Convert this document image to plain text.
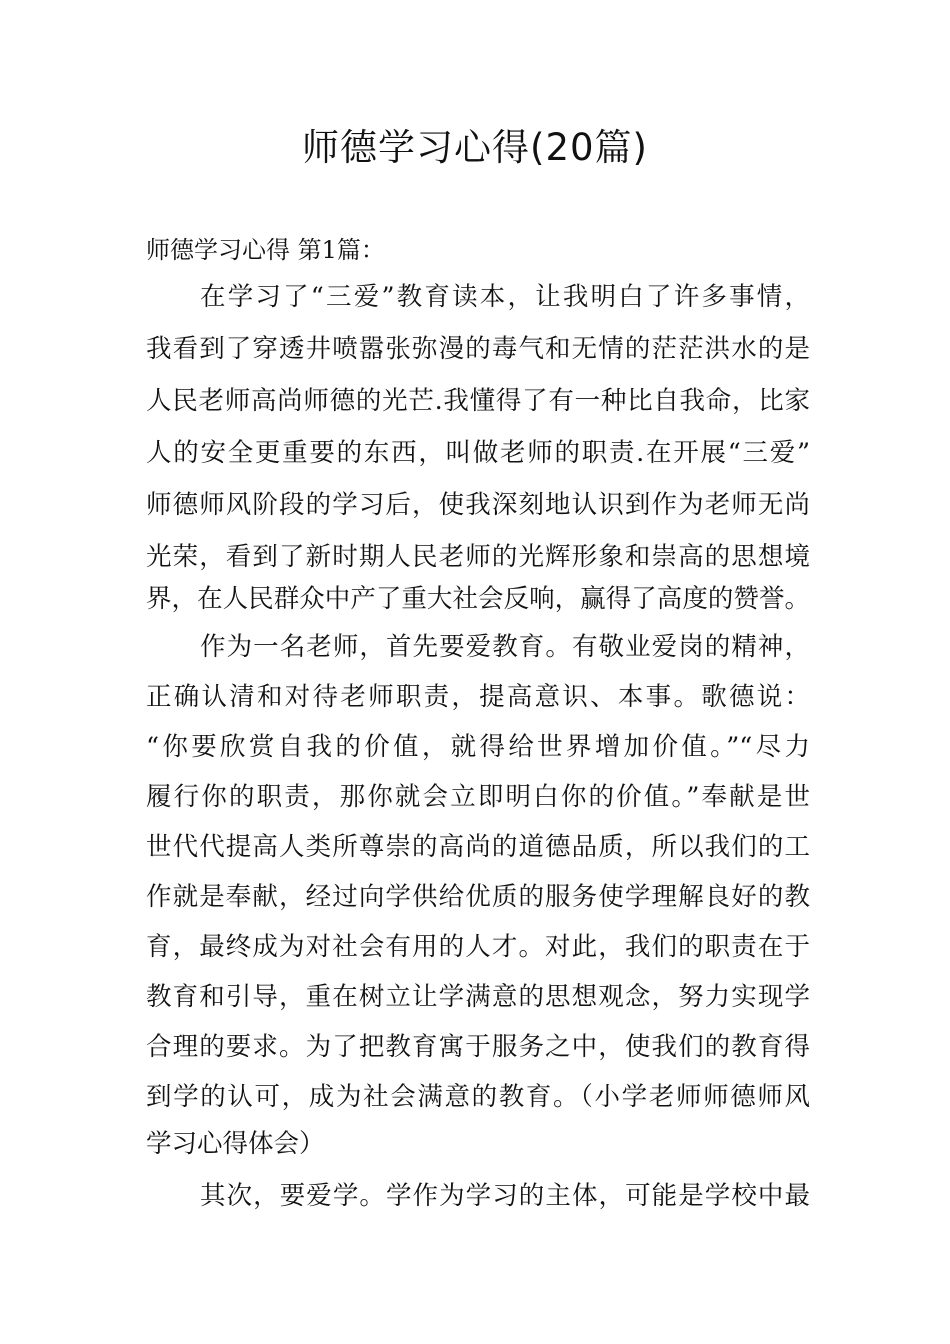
师德学习心得(20篇)

师德学习心得 第1篇：

在学习了“三爱”教育读本，让我明白了许多事情，

我看到了穿透井喷嚣张弥漫的毒气和无情的茫茫洪水的是

人民老师高尚师德的光芒.我懂得了有一种比自我命，比家

人的安全更重要的东西，叫做老师的职责.在开展“三爱”

师德师风阶段的学习后，使我深刻地认识到作为老师无尚

光荣，看到了新时期人民老师的光辉形象和崇高的思想境

界，在人民群众中产了重大社会反响，赢得了高度的赞誉。

作为一名老师，首先要爱教育。有敬业爱岗的精神，

正确认清和对待老师职责，提高意识、本事。歌德说：

“你要欣赏自我的价值，就得给世界增加价值。”“尽力

履行你的职责，那你就会立即明白你的价值。”奉献是世

世代代提高人类所尊崇的高尚的道德品质，所以我们的工

作就是奉献，经过向学供给优质的服务使学理解良好的教

育，最终成为对社会有用的人才。对此，我们的职责在于

教育和引导，重在树立让学满意的思想观念，努力实现学

合理的要求。为了把教育寓于服务之中，使我们的教育得

到学的认可，成为社会满意的教育。（小学老师师德师风

学习心得体会）

其次，要爱学。学作为学习的主体，可能是学校中最
